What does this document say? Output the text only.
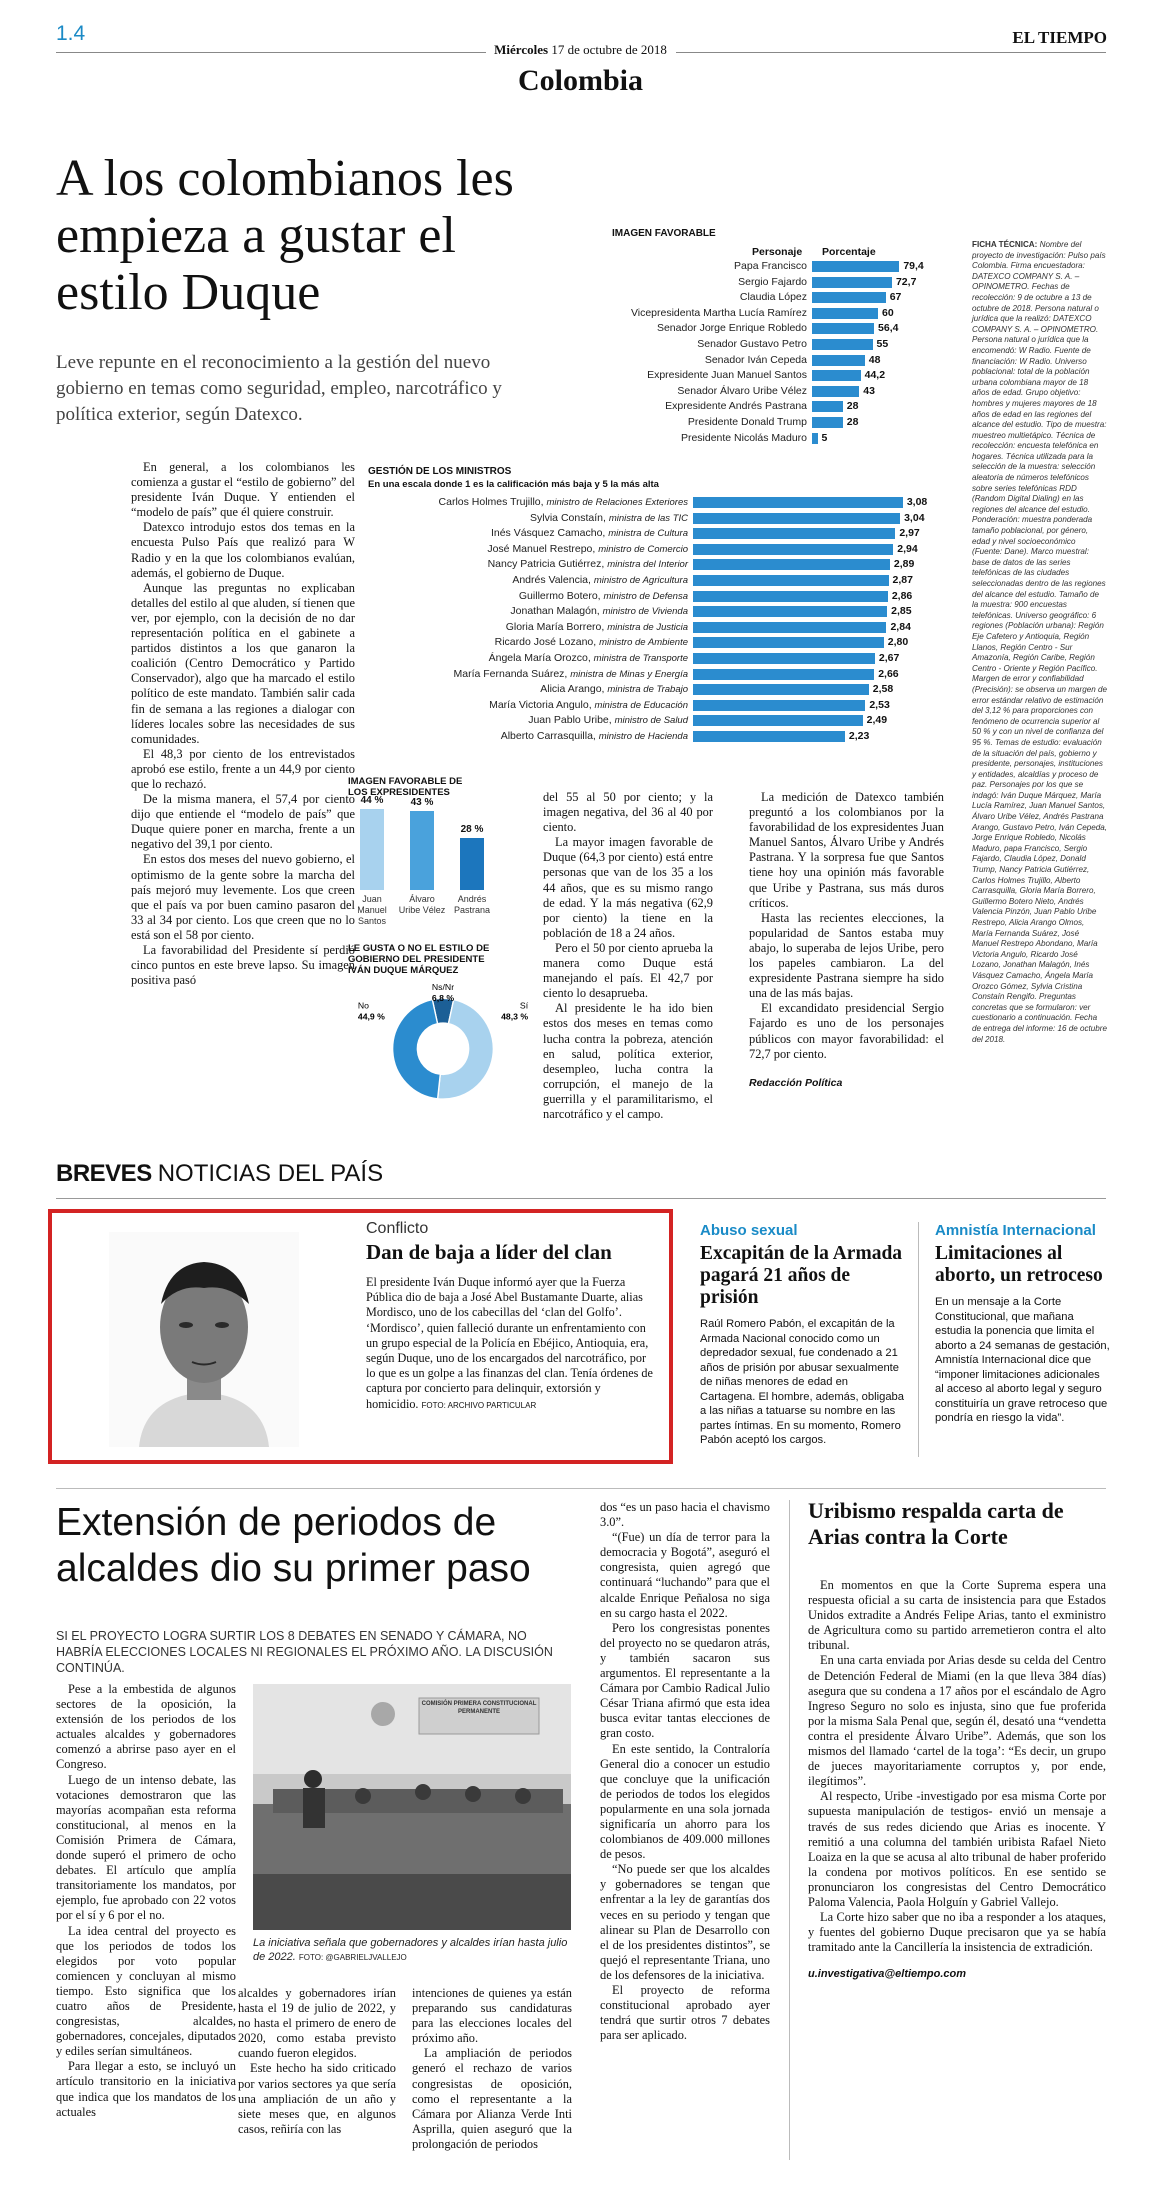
1.4
Miércoles 17 de octubre de 2018
EL TIEMPO
Colombia
A los colombianos les empieza a gustar el estilo Duque
Leve repunte en el reconocimiento a la gestión del nuevo gobierno en temas como seguridad, empleo, narcotráfico y política exterior, según Datexco.
IMAGEN FAVORABLE
Personaje Porcentaje
Papa Francisco	79,4
Sergio Fajardo	72,7
Claudia López	67
Vicepresidenta Martha Lucía Ramírez	60
Senador Jorge Enrique Robledo	56,4
Senador Gustavo Petro	55
Senador Iván Cepeda	48
Expresidente Juan Manuel Santos	44,2
Senador Álvaro Uribe Vélez	43
Expresidente Andrés Pastrana	28
Presidente Donald Trump	28
Presidente Nicolás Maduro 5
FICHA TÉCNICA: Nombre del proyecto de investigación: Pulso país Colombia. Firma encuestadora: DATEXCO COMPANY S. A. – OPINOMETRO. Fechas de recolección: 9 de octubre a 13 de octubre de 2018. Persona natural o jurídica que la realizó: DATEXCO COMPANY S. A. – OPINOMETRO. Persona natural o jurídica que la encomendó: W Radio. Fuente de financiación: W Radio. Universo poblacional: total de la población urbana colombiana mayor de 18 años de edad. Grupo objetivo: hombres y mujeres mayores de 18 años de edad en las regiones del alcance del estudio. Tipo de muestra: muestreo multietápico. Técnica de recolección: encuesta telefónica en hogares. Técnica utilizada para la selección de la muestra: selección aleatoria de números telefónicos sobre series telefónicas RDD (Random Digital Dialing) en las regiones del alcance del estudio. Ponderación: muestra ponderada tamaño poblacional, por género, edad y nivel socioeconómico (Fuente: Dane). Marco muestral: base de datos de las series telefónicas de las ciudades seleccionadas dentro de las regiones del alcance del estudio. Tamaño de la muestra: 900 encuestas telefónicas. Universo geográfico: 6 regiones (Población urbana): Región Eje Cafetero y Antioquia, Región Llanos, Región Centro - Sur Amazonía, Región Caribe, Región Centro - Oriente y Región Pacífico. Margen de error y confiabilidad (Precisión): se observa un margen de error estándar relativo de estimación del 3,12 % para proporciones con fenómeno de ocurrencia superior al 50 % y con un nivel de confianza del 95 %. Temas de estudio: evaluación de la situación del país, gobierno y presidente, personajes, instituciones y entidades, alcaldías y proceso de paz. Personajes por los que se indagó: Iván Duque Márquez, María Lucía Ramírez, Juan Manuel Santos, Álvaro Uribe Vélez, Andrés Pastrana Arango, Gustavo Petro, Iván Cepeda, Jorge Enrique Robledo, Nicolás Maduro, papa Francisco, Sergio Fajardo, Claudia López, Donald Trump, Nancy Patricia Gutiérrez, Carlos Holmes Trujillo, Alberto Carrasquilla, Gloria María Borrero, Guillermo Botero Nieto, Andrés Valencia Pinzón, Juan Pablo Uribe Restrepo, Alicia Arango Olmos, María Fernanda Suárez, José Manuel Restrepo Abondano, María Victoria Angulo, Ricardo José Lozano, Jonathan Malagón, Inés Vásquez Camacho, Ángela María Orozco Gómez, Sylvia Cristina Constaín Rengifo. Preguntas concretas que se formularon: ver cuestionario a continuación. Fecha de entrega del informe: 16 de octubre del 2018.

En general, a los colombianos les comienza a gustar el “estilo de gobierno” del presidente Iván Duque. Y entienden el “modelo de país” que él quiere construir.

Datexco introdujo estos dos temas en la encuesta Pulso País que realizó para W Radio y en la que los colombianos evalúan, además, el gobierno de Duque.

Aunque las preguntas no explicaban detalles del estilo al que aluden, sí tienen que ver, por ejemplo, con la decisión de no dar representación política en el gabinete a partidos distintos a los que ganaron la coalición (Centro Democrático y Partido Conservador), algo que ha marcado el estilo político de este mandato. También salir cada fin de semana a las regiones a dialogar con líderes locales sobre las necesidades de sus comunidades.

El 48,3 por ciento de los entrevistados aprobó ese estilo, frente a un 44,9 por ciento que lo rechazó.

De la misma manera, el 57,4 por ciento dijo que entiende el “modelo de país” que Duque quiere poner en marcha, frente a un negativo del 39,1 por ciento.

En estos dos meses del nuevo gobierno, el optimismo de la gente sobre la marcha del país mejoró muy levemente. Los que creen que el país va por buen camino pasaron del 33 al 34 por ciento. Los que creen que no lo está son el 58 por ciento.

La favorabilidad del Presidente sí perdió cinco puntos en este breve lapso. Su imagen positiva pasó

GESTIÓN DE LOS MINISTROS
En una escala donde 1 es la calificación más baja y 5 la más alta
Carlos Holmes Trujillo, ministro de Relaciones Exteriores	3,08
Sylvia Constaín, ministra de las TIC	3,04
Inés Vásquez Camacho, ministra de Cultura	2,97
José Manuel Restrepo, ministro de Comercio	2,94
Nancy Patricia Gutiérrez, ministra del Interior	2,89
Andrés Valencia, ministro de Agricultura	2,87
Guillermo Botero, ministro de Defensa	2,86
Jonathan Malagón, ministro de Vivienda	2,85
Gloria María Borrero, ministra de Justicia	2,84
Ricardo José Lozano, ministro de Ambiente	2,80
Ángela María Orozco, ministra de Transporte	2,67
María Fernanda Suárez, ministra de Minas y Energía	2,66
Alicia Arango, ministra de Trabajo	2,58
María Victoria Angulo, ministra de Educación	2,53
Juan Pablo Uribe, ministro de Salud	2,49
Alberto Carrasquilla, ministro de Hacienda	2,23
IMAGEN FAVORABLE DE LOS EXPRESIDENTES
44 %
Juan Manuel Santos
43 %
Álvaro Uribe Vélez
28 %
Andrés Pastrana
LE GUSTA O NO EL ESTILO DE GOBIERNO DEL PRESIDENTE IVÁN DUQUE MÁRQUEZ
No
44,9 %
Ns/Nr
6,8 %
Sí
48,3 %

del 55 al 50 por ciento; y la imagen negativa, del 36 al 40 por ciento.

La mayor imagen favorable de Duque (64,3 por ciento) está entre personas que van de los 35 a los 44 años, que es su mismo rango de edad. Y la más negativa (62,9 por ciento) la tiene en la población de 18 a 24 años.

Pero el 50 por ciento aprueba la manera como Duque está manejando el país. El 42,7 por ciento lo desaprueba.

Al presidente le ha ido bien estos dos meses en temas como lucha contra la pobreza, atención en salud, política exterior, desempleo, lucha contra la corrupción, el manejo de la guerrilla y el paramilitarismo, el narcotráfico y el campo.

La medición de Datexco también preguntó a los colombianos por la favorabilidad de los expresidentes Juan Manuel Santos, Álvaro Uribe y Andrés Pastrana. Y la sorpresa fue que Santos tiene hoy una opinión más favorable que Uribe y Pastrana, sus más duros críticos.

Hasta las recientes elecciones, la popularidad de Santos estaba muy abajo, lo superaba de lejos Uribe, pero los papeles cambiaron. La del expresidente Pastrana siempre ha sido una de las más bajas.

El excandidato presidencial Sergio Fajardo es uno de los personajes públicos con mayor favorabilidad: el 72,7 por ciento.

Redacción Política

BREVES NOTICIAS DEL PAÍS
Conflicto
Dan de baja a líder del clan
El presidente Iván Duque informó ayer que la Fuerza Pública dio de baja a José Abel Bustamante Duarte, alias Mordisco, uno de los cabecillas del ‘clan del Golfo’. ‘Mordisco’, quien falleció durante un enfrentamiento con un grupo especial de la Policía en Ebéjico, Antioquia, era, según Duque, uno de los encargados del narcotráfico, por lo que es un golpe a las finanzas del clan. Tenía órdenes de captura por concierto para delinquir, extorsión y homicidio. FOTO: ARCHIVO PARTICULAR
Abuso sexual
Excapitán de la Armada pagará 21 años de prisión

Raúl Romero Pabón, el excapitán de la Armada Nacional conocido como un depredador sexual, fue condenado a 21 años de prisión por abusar sexualmente de niñas menores de edad en Cartagena. El hombre, además, obligaba a las niñas a tatuarse su nombre en las partes íntimas. En su momento, Romero Pabón aceptó los cargos.

Amnistía Internacional
Limitaciones al aborto, un retroceso

En un mensaje a la Corte Constitucional, que mañana estudia la ponencia que limita el aborto a 24 semanas de gestación, Amnistía Internacional dice que “imponer limitaciones adicionales al acceso al aborto legal y seguro constituiría un grave retroceso que pondría en riesgo la vida”.

Extensión de periodos de alcaldes dio su primer paso
SI EL PROYECTO LOGRA SURTIR LOS 8 DEBATES EN SENADO Y CÁMARA, NO HABRÍA ELECCIONES LOCALES NI REGIONALES EL PRÓXIMO AÑO. LA DISCUSIÓN CONTINÚA.

Pese a la embestida de algunos sectores de la oposición, la extensión de los periodos de los actuales alcaldes y gobernadores comenzó a abrirse paso ayer en el Congreso.

Luego de un intenso debate, las votaciones demostraron que las mayorías acompañan esta reforma constitucional, al menos en la Comisión Primera de Cámara, donde superó el primero de ocho debates. El artículo que amplía transitoriamente los mandatos, por ejemplo, fue aprobado con 22 votos por el sí y 6 por el no.

La idea central del proyecto es que los periodos de todos los elegidos por voto popular comiencen y concluyan al mismo tiempo. Esto significa que los cuatro años de Presidente, congresistas, alcaldes, gobernadores, concejales, diputados y ediles serían simultáneos.

Para llegar a esto, se incluyó un artículo transitorio en la iniciativa que indica que los mandatos de los actuales

COMISIÓN PRIMERA CONSTITUCIONAL PERMANENTE
La iniciativa señala que gobernadores y alcaldes irían hasta julio de 2022. FOTO: @GABRIELJVALLEJO

alcaldes y gobernadores irían hasta el 19 de julio de 2022, y no hasta el primero de enero de 2020, como estaba previsto cuando fueron elegidos.

Este hecho ha sido criticado por varios sectores ya que sería una ampliación de un año y siete meses que, en algunos casos, reñiría con las

intenciones de quienes ya están preparando sus candidaturas para las elecciones locales del próximo año.

La ampliación de periodos generó el rechazo de varios congresistas de oposición, como el representante a la Cámara por Alianza Verde Inti Asprilla, quien aseguró que la prolongación de periodos

dos “es un paso hacia el chavismo 3.0”.

“(Fue) un día de terror para la democracia y Bogotá”, aseguró el congresista, quien agregó que continuará “luchando” para que el alcalde Enrique Peñalosa no siga en su cargo hasta el 2022.

Pero los congresistas ponentes del proyecto no se quedaron atrás, y también sacaron sus argumentos. El representante a la Cámara por Cambio Radical Julio César Triana afirmó que esta idea busca evitar tantas elecciones de gran costo.

En este sentido, la Contraloría General dio a conocer un estudio que concluye que la unificación de periodos de todos los elegidos popularmente en una sola jornada significaría un ahorro para los colombianos de 409.000 millones de pesos.

“No puede ser que los alcaldes y gobernadores se tengan que enfrentar a la ley de garantías dos veces en su periodo y tengan que alinear su Plan de Desarrollo con el de los presidentes distintos”, se quejó el representante Triana, uno de los defensores de la iniciativa.

El proyecto de reforma constitucional aprobado ayer tendrá que surtir otros 7 debates para ser aplicado.

Uribismo respalda carta de Arias contra la Corte

En momentos en que la Corte Suprema espera una respuesta oficial a su carta de insistencia para que Estados Unidos extradite a Andrés Felipe Arias, tanto el exministro de Agricultura como su partido arremetieron contra el alto tribunal.

En una carta enviada por Arias desde su celda del Centro de Detención Federal de Miami (en la que lleva 384 días) asegura que su condena a 17 años por el escándalo de Agro Ingreso Seguro no solo es injusta, sino que fue proferida por la misma Sala Penal que, según él, desató una “vendetta contra el presidente Álvaro Uribe”. Además, que son los mismos del llamado ‘cartel de la toga’: “Es decir, un grupo de jueces mayoritariamente corruptos y, por ende, ilegítimos”.

Al respecto, Uribe -investigado por esa misma Corte por supuesta manipulación de testigos- envió un mensaje a través de sus redes diciendo que Arias es inocente. Y remitió a una columna del también uribista Rafael Nieto Loaiza en la que se acusa al alto tribunal de haber proferido la condena por motivos políticos. En ese sentido se pronunciaron los congresistas del Centro Democrático Paloma Valencia, Paola Holguín y Gabriel Vallejo.

La Corte hizo saber que no iba a responder a los ataques, y fuentes del gobierno Duque precisaron que ya se había tramitado ante la Cancillería la insistencia de extradición.

u.investigativa@eltiempo.com
